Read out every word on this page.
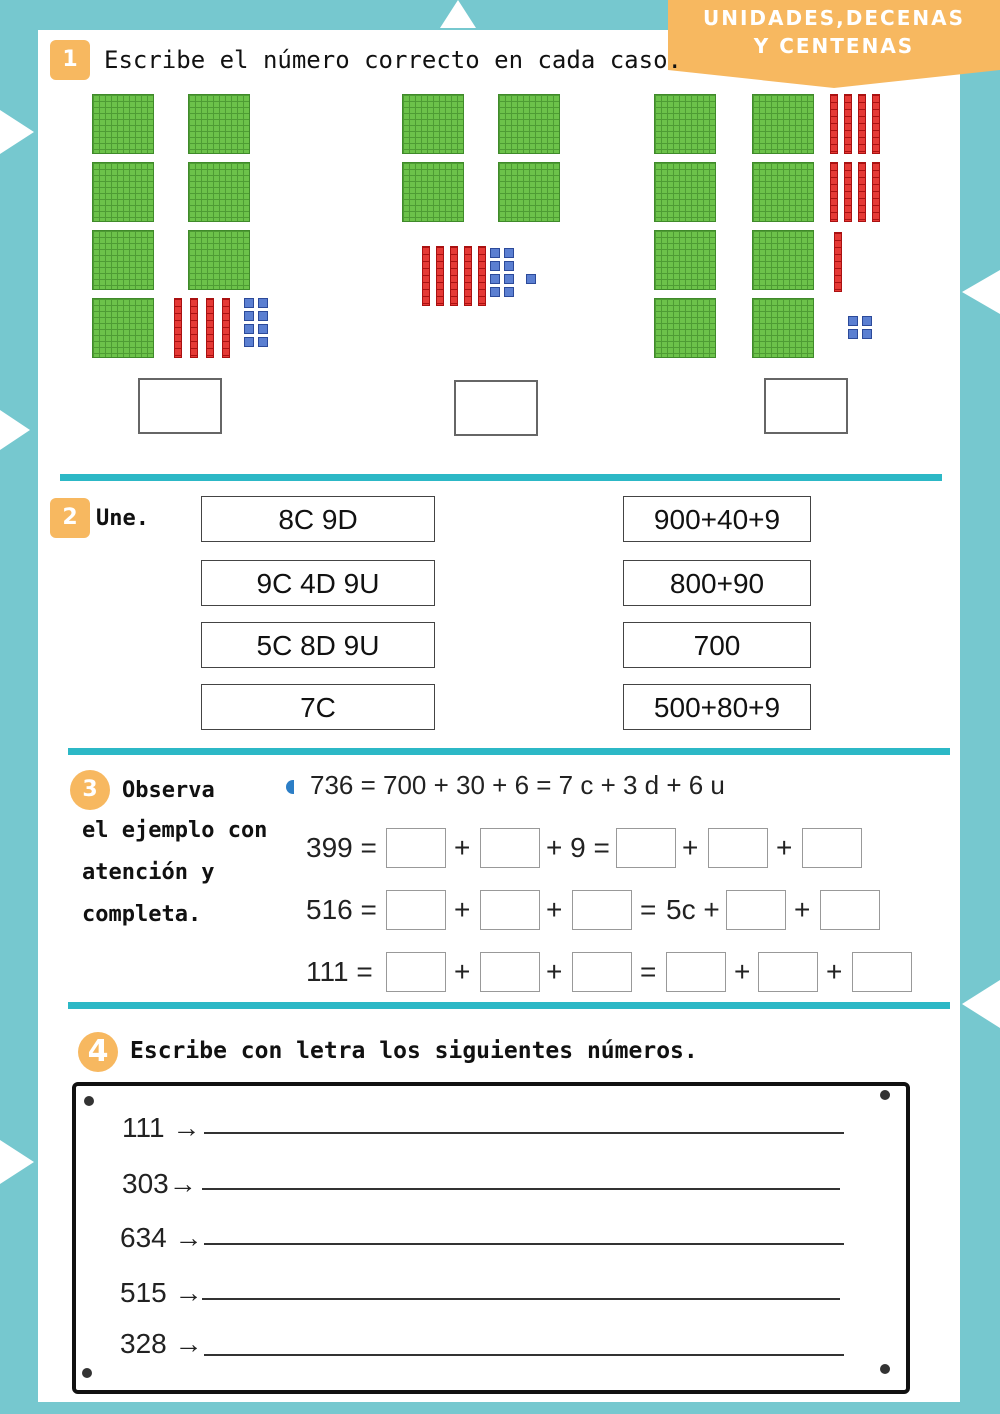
UNIDADES,DECENAS
Y CENTENAS
1	Escribe el número correcto en cada caso.
2 Une.	8C 9D
9C 4D 9U
5C 8D 9U
7C
900+40+9
800+90
700
500+80+9
3	Observa
el ejemplo con
atención y
completa.
736 = 700 + 30 + 6 = 7 c + 3 d + 6 u
399 =	+	+ 9 =	+	+
516 =	+	+	= 5c +	+
111 =	+	+	=	+	+
4 Escribe con letra los siguientes números.
111 →
303→
634 →
515 →
328 →
